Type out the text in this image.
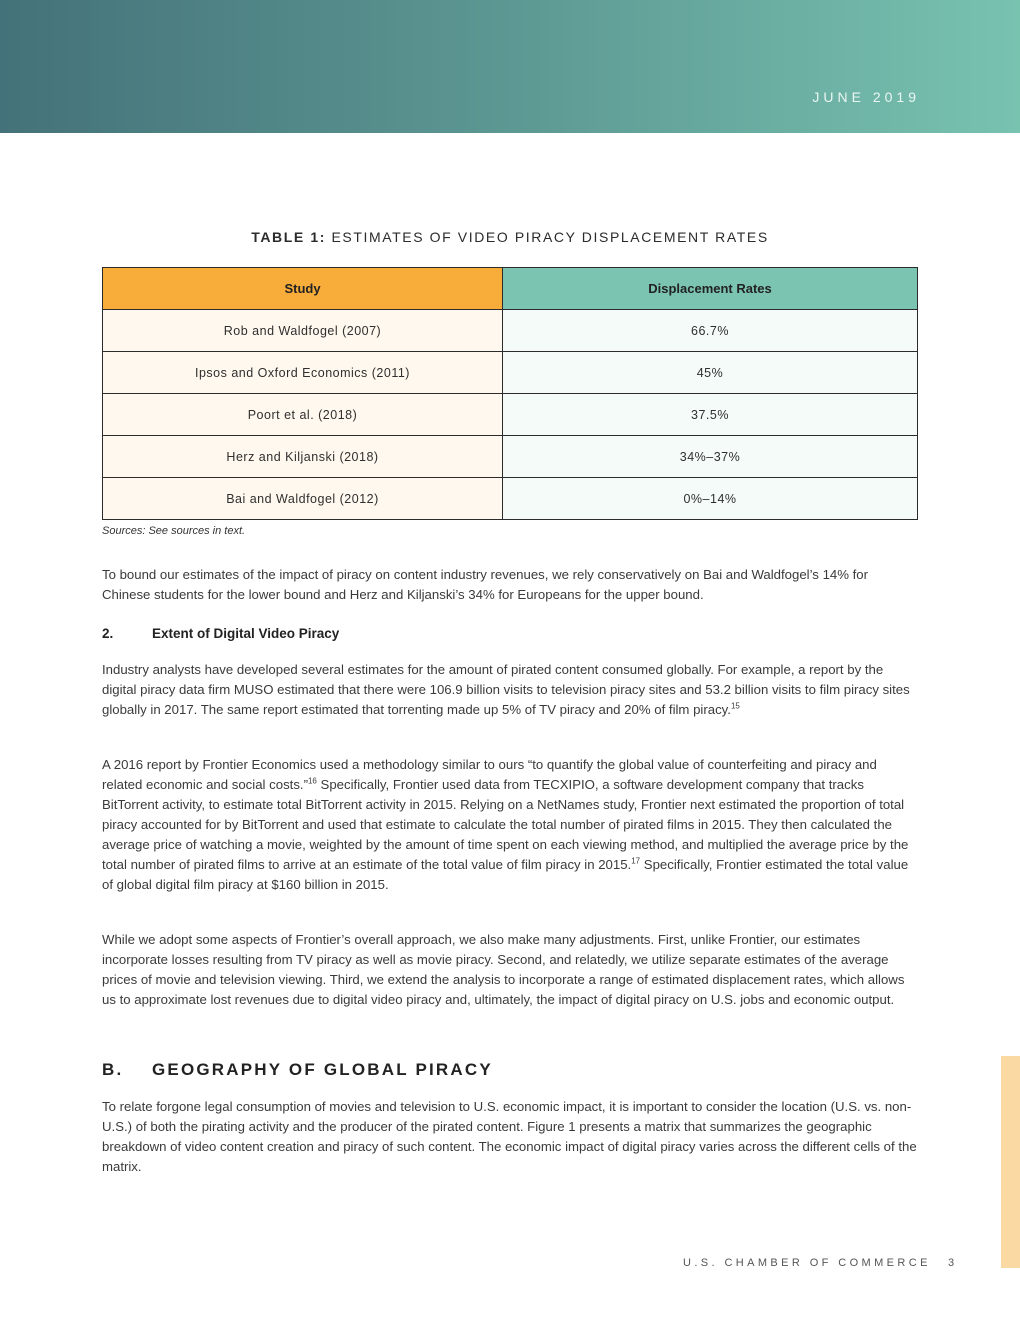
JUNE 2019
TABLE 1: ESTIMATES OF VIDEO PIRACY DISPLACEMENT RATES
Study	Displacement Rates
Rob and Waldfogel (2007)	66.7%
Ipsos and Oxford Economics (2011)	45%
Poort et al. (2018)	37.5%
Herz and Kiljanski (2018)	34%–37%
Bai and Waldfogel (2012)	0%–14%
Sources: See sources in text.

To bound our estimates of the impact of piracy on content industry revenues, we rely conservatively on Bai and Waldfogel’s 14% for Chinese students for the lower bound and Herz and Kiljanski’s 34% for Europeans for the upper bound.

2.	Extent of Digital Video Piracy

Industry analysts have developed several estimates for the amount of pirated content consumed globally. For example, a report by the digital piracy data firm MUSO estimated that there were 106.9 billion visits to television piracy sites and 53.2 billion visits to film piracy sites globally in 2017. The same report estimated that torrenting made up 5% of TV piracy and 20% of film piracy.$^{15}$

A 2016 report by Frontier Economics used a methodology similar to ours “to quantify the global value of counterfeiting and piracy and related economic and social costs.”$^{16}$ Specifically, Frontier used data from TECXIPIO, a software development company that tracks BitTorrent activity, to estimate total BitTorrent activity in 2015. Relying on a NetNames study, Frontier next estimated the proportion of total piracy accounted for by BitTorrent and used that estimate to calculate the total number of pirated films in 2015. They then calculated the average price of watching a movie, weighted by the amount of time spent on each viewing method, and multiplied the average price by the total number of pirated films to arrive at an estimate of the total value of film piracy in 2015.17 Specifically, Frontier estimated the total value of global digital film piracy at $160 billion in 2015.

While we adopt some aspects of Frontier’s overall approach, we also make many adjustments. First, unlike Frontier, our estimates incorporate losses resulting from TV piracy as well as movie piracy. Second, and relatedly, we utilize separate estimates of the average prices of movie and television viewing. Third, we extend the analysis to incorporate a range of estimated displacement rates, which allows us to approximate lost revenues due to digital video piracy and, ultimately, the impact of digital piracy on U.S. jobs and economic output.

B. GEOGRAPHY OF GLOBAL PIRACY

To relate forgone legal consumption of movies and television to U.S. economic impact, it is important to consider the location (U.S. vs. non-U.S.) of both the pirating activity and the producer of the pirated content. Figure 1 presents a matrix that summarizes the geographic breakdown of video content creation and piracy of such content. The economic impact of digital piracy varies across the different cells of the matrix.

U.S. CHAMBER OF COMMERCE 3
